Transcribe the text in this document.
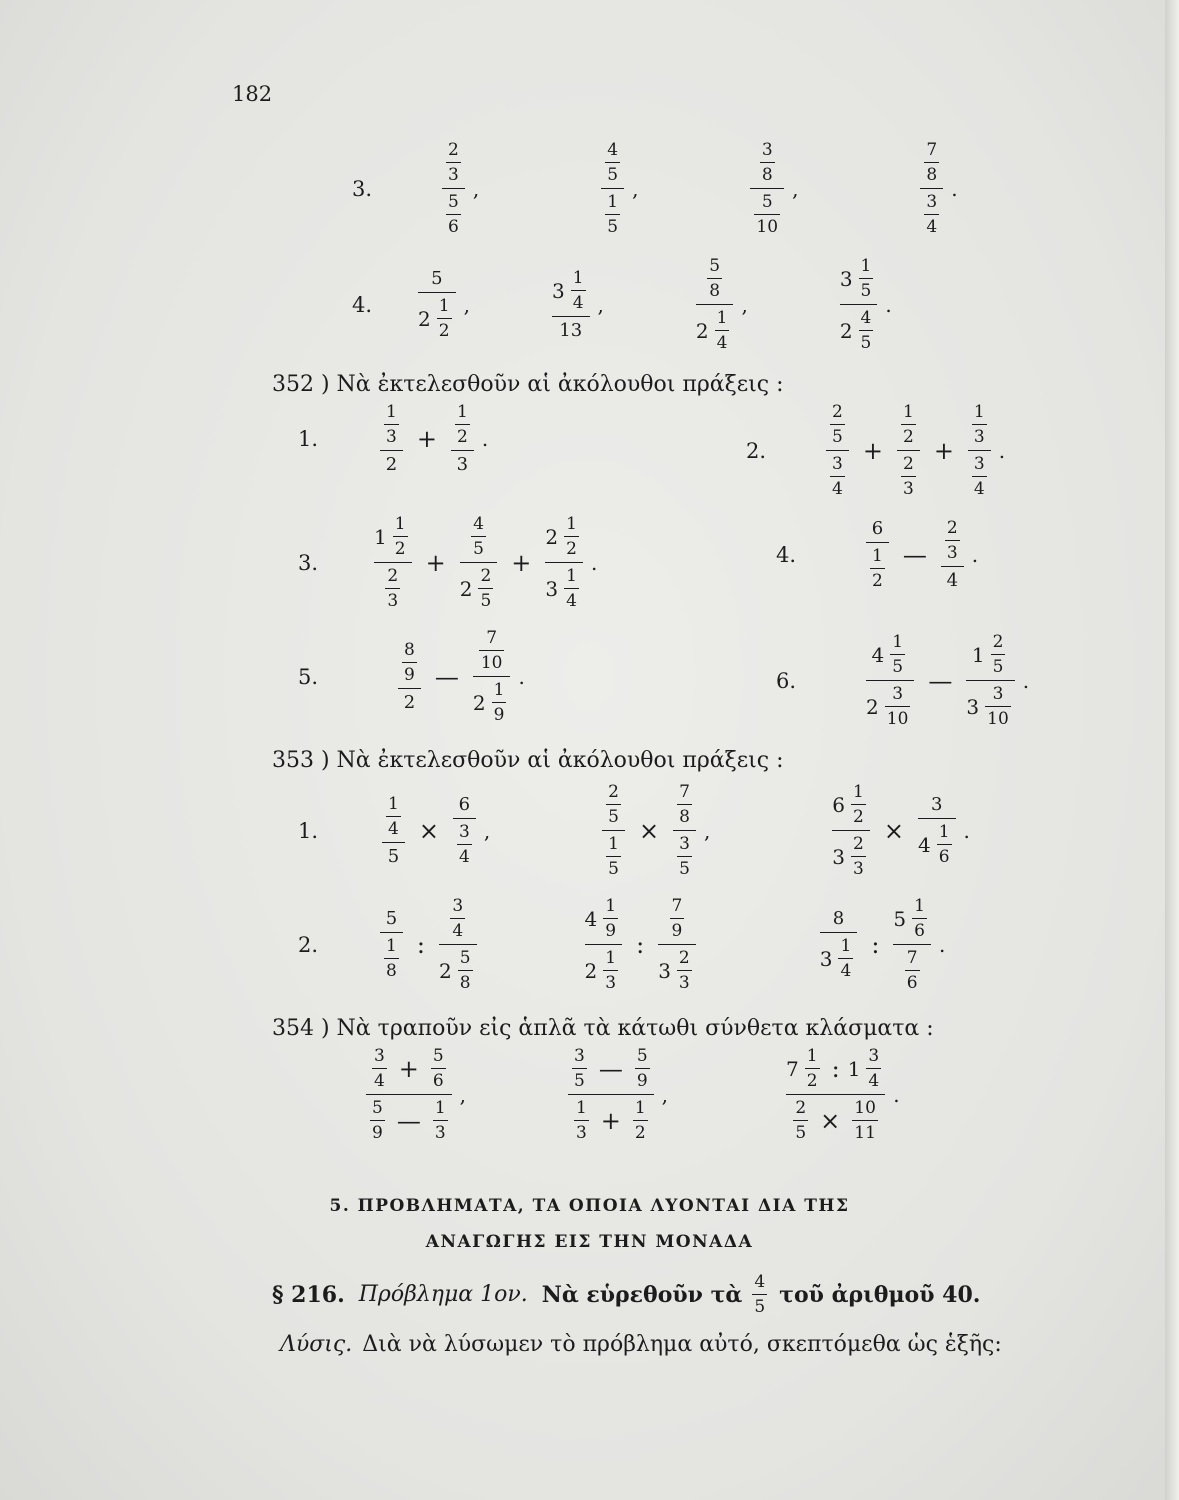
182
3.
$\frac{2}{3}$
$\frac{5}{6}$
,
$\frac{4}{5}$
$\frac{1}{5}$
,
$\frac{3}{8}$
$\frac{5}{10}$
,
$\frac{7}{8}$
$\frac{3}{4}$
.
4.
5
$2 \frac{1}{2}$ ,
$3 \frac{1}{4}$
13
,
$\frac{5}{8}$
$2 \frac{1}{4}$
,
$3 \frac{1}{5}$
$2 \frac{4}{5}$
.
352 ) Νὰ ἐκτελεσθοῦν αἱ ἀκόλουθοι πράξεις :
1.	$\frac{1}{3}$
2
+ $\frac{1}{2}$
3
.	2.
$\frac{2}{5}$
$\frac{3}{4}$
+
$\frac{1}{2}$
$\frac{2}{3}$
+
$\frac{1}{3}$
$\frac{3}{4}$
.
3.
$1 \frac{1}{2}$
$\frac{2}{3}$
+
$\frac{4}{5}$
$2 \frac{2}{5}$
+
$2 \frac{1}{2}$
$3 \frac{1}{4}$
.	4.
6
$\frac{1}{2}$ — $\frac{2}{3}$
4
.
5.	$\frac{8}{9}$
2
—
$\frac{7}{10}$
$2 \frac{1}{9}$
.	6.
$4 \frac{1}{5}$
$2 \frac{3}{10}$
—
$1 \frac{2}{5}$
$3 \frac{3}{10}$
.
353 ) Νὰ ἐκτελεσθοῦν αἱ ἀκόλουθοι πράξεις :
1.	$\frac{1}{4}$
5
×
6
$\frac{3}{4}$ ,
$\frac{2}{5}$
$\frac{1}{5}$
×
$\frac{7}{8}$
$\frac{3}{5}$
,
$6 \frac{1}{2}$
$3 \frac{2}{3}$
×
3
$4 \frac{1}{6}$ .
2.
5
$\frac{1}{8}$ :
$\frac{3}{4}$
$2 \frac{5}{8}$
$4 \frac{1}{9}$
$2 \frac{1}{3}$
:
$\frac{7}{9}$
$3 \frac{2}{3}$
8
$3 \frac{1}{4}$ :
$5 \frac{1}{6}$
$\frac{7}{6}$
.
354 ) Νὰ τραποῦν εἰς ἁπλᾶ τὰ κάτωθι σύνθετα κλάσματα :
$\frac{3}{4} + \frac{5}{6}$
$\frac{5}{9}$ — $\frac{1}{3}$
,
$\frac{3}{5}$ — $\frac{5}{9}$
$\frac{1}{3} + \frac{1}{2}$
,
$7 \frac{1}{2}$ : $1 \frac{3}{4}$
$\frac{2}{5} \times \frac{10}{11}$
.
5. ΠΡΟΒΛΗΜΑΤΑ, ΤΑ ΟΠΟΙΑ ΛΥΟΝΤΑΙ ΔΙΑ ΤΗΣ
ΑΝΑΓΩΓΗΣ ΕΙΣ ΤΗΝ ΜΟΝΑΔΑ
§ 216. Πρόβλημα 1ον. Νὰ εὑρεθοῦν τὰ $\frac{4}{5}$ τοῦ ἀριθμοῦ 40.
Λύσις. Διὰ νὰ λύσωμεν τὸ πρόβλημα αὐτό, σκεπτόμεθα ὡς ἑξῆς:
